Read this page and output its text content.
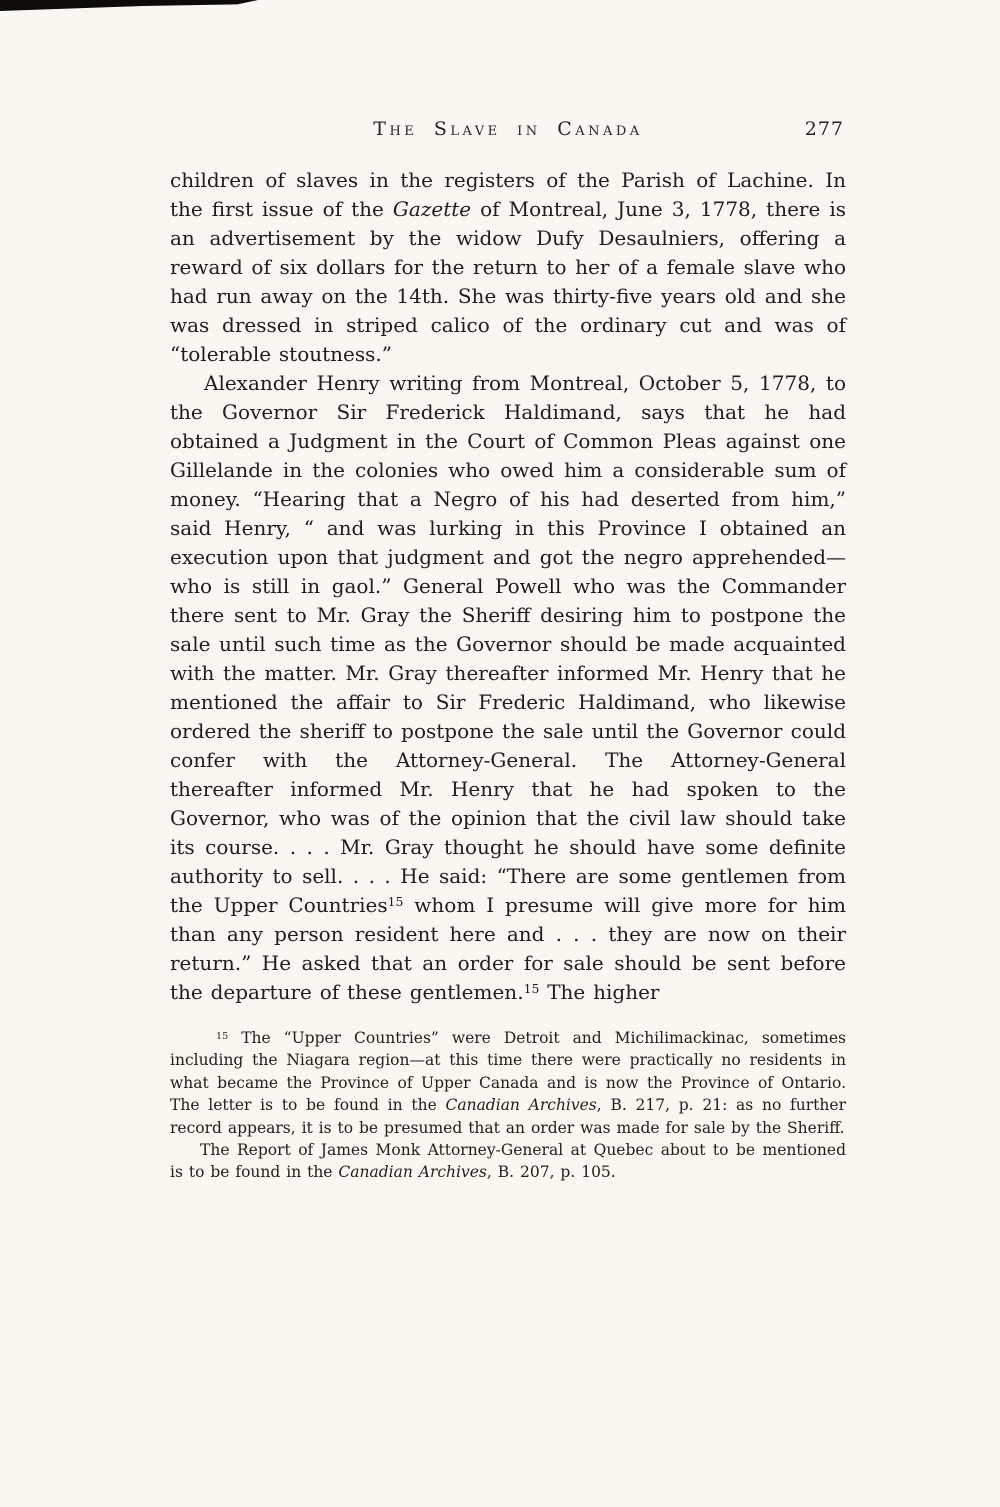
The Slave in Canada	277

children of slaves in the registers of the Parish of Lachine. In the first issue of the Gazette of Montreal, June 3, 1778, there is an advertisement by the widow Dufy Desaulniers, offering a reward of six dollars for the return to her of a female slave who had run away on the 14th. She was thirty-five years old and she was dressed in striped calico of the ordinary cut and was of “tolerable stoutness.”

Alexander Henry writing from Montreal, October 5, 1778, to the Governor Sir Frederick Haldimand, says that he had obtained a Judgment in the Court of Common Pleas against one Gillelande in the colonies who owed him a considerable sum of money. “Hearing that a Negro of his had deserted from him,” said Henry, “ and was lurking in this Province I obtained an execution upon that judgment and got the negro apprehended—who is still in gaol.” General Powell who was the Commander there sent to Mr. Gray the Sheriff desiring him to postpone the sale until such time as the Governor should be made acquainted with the matter. Mr. Gray thereafter informed Mr. Henry that he mentioned the affair to Sir Frederic Haldimand, who likewise ordered the sheriff to postpone the sale until the Governor could confer with the Attorney-General. The Attorney-General thereafter informed Mr. Henry that he had spoken to the Governor, who was of the opinion that the civil law should take its course. . . . Mr. Gray thought he should have some definite authority to sell. . . . He said: “There are some gentlemen from the Upper Countries$^{15}$ whom I presume will give more for him than any person resident here and . . . they are now on their return.” He asked that an order for sale should be sent before the departure of these gentlemen.$^{15}$ The higher

$^{15}$ The “Upper Countries” were Detroit and Michilimackinac, sometimes including the Niagara region—at this time there were practically no residents in what became the Province of Upper Canada and is now the Province of Ontario. The letter is to be found in the Canadian Archives, B. 217, p. 21: as no further record appears, it is to be presumed that an order was made for sale by the Sheriff.

The Report of James Monk Attorney-General at Quebec about to be mentioned is to be found in the Canadian Archives, B. 207, p. 105.
